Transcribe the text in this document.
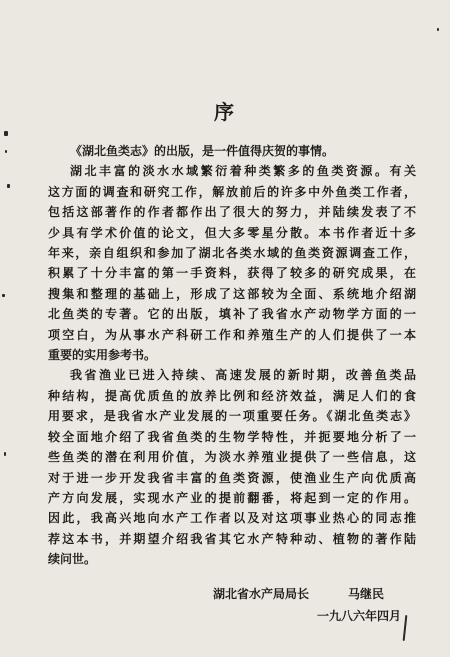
序
《湖北鱼类志》的出版，是一件值得庆贺的事情。
湖北丰富的淡水水域繁衍着种类繁多的鱼类资源。有关
这方面的调查和研究工作，解放前后的许多中外鱼类工作者，
包括这部著作的作者都作出了很大的努力，并陆续发表了不
少具有学术价值的论文，但大多零星分散。本书作者近十多
年来，亲自组织和参加了湖北各类水域的鱼类资源调查工作，
积累了十分丰富的第一手资料，获得了较多的研究成果，在
搜集和整理的基础上，形成了这部较为全面、系统地介绍湖
北鱼类的专著。它的出版，填补了我省水产动物学方面的一
项空白，为从事水产科研工作和养殖生产的人们提供了一本
重要的实用参考书。
我省渔业已进入持续、高速发展的新时期，改善鱼类品
种结构，提高优质鱼的放养比例和经济效益，满足人们的食
用要求，是我省水产业发展的一项重要任务。《湖北鱼类志》
较全面地介绍了我省鱼类的生物学特性，并扼要地分析了一
些鱼类的潜在利用价值，为淡水养殖业提供了一些信息，这
对于进一步开发我省丰富的鱼类资源，使渔业生产向优质高
产方向发展，实现水产业的提前翻番，将起到一定的作用。
因此，我高兴地向水产工作者以及对这项事业热心的同志推
荐这本书，并期望介绍我省其它水产特种动、植物的著作陆
续问世。
湖北省水产局局长	马继民
一九八六年四月
